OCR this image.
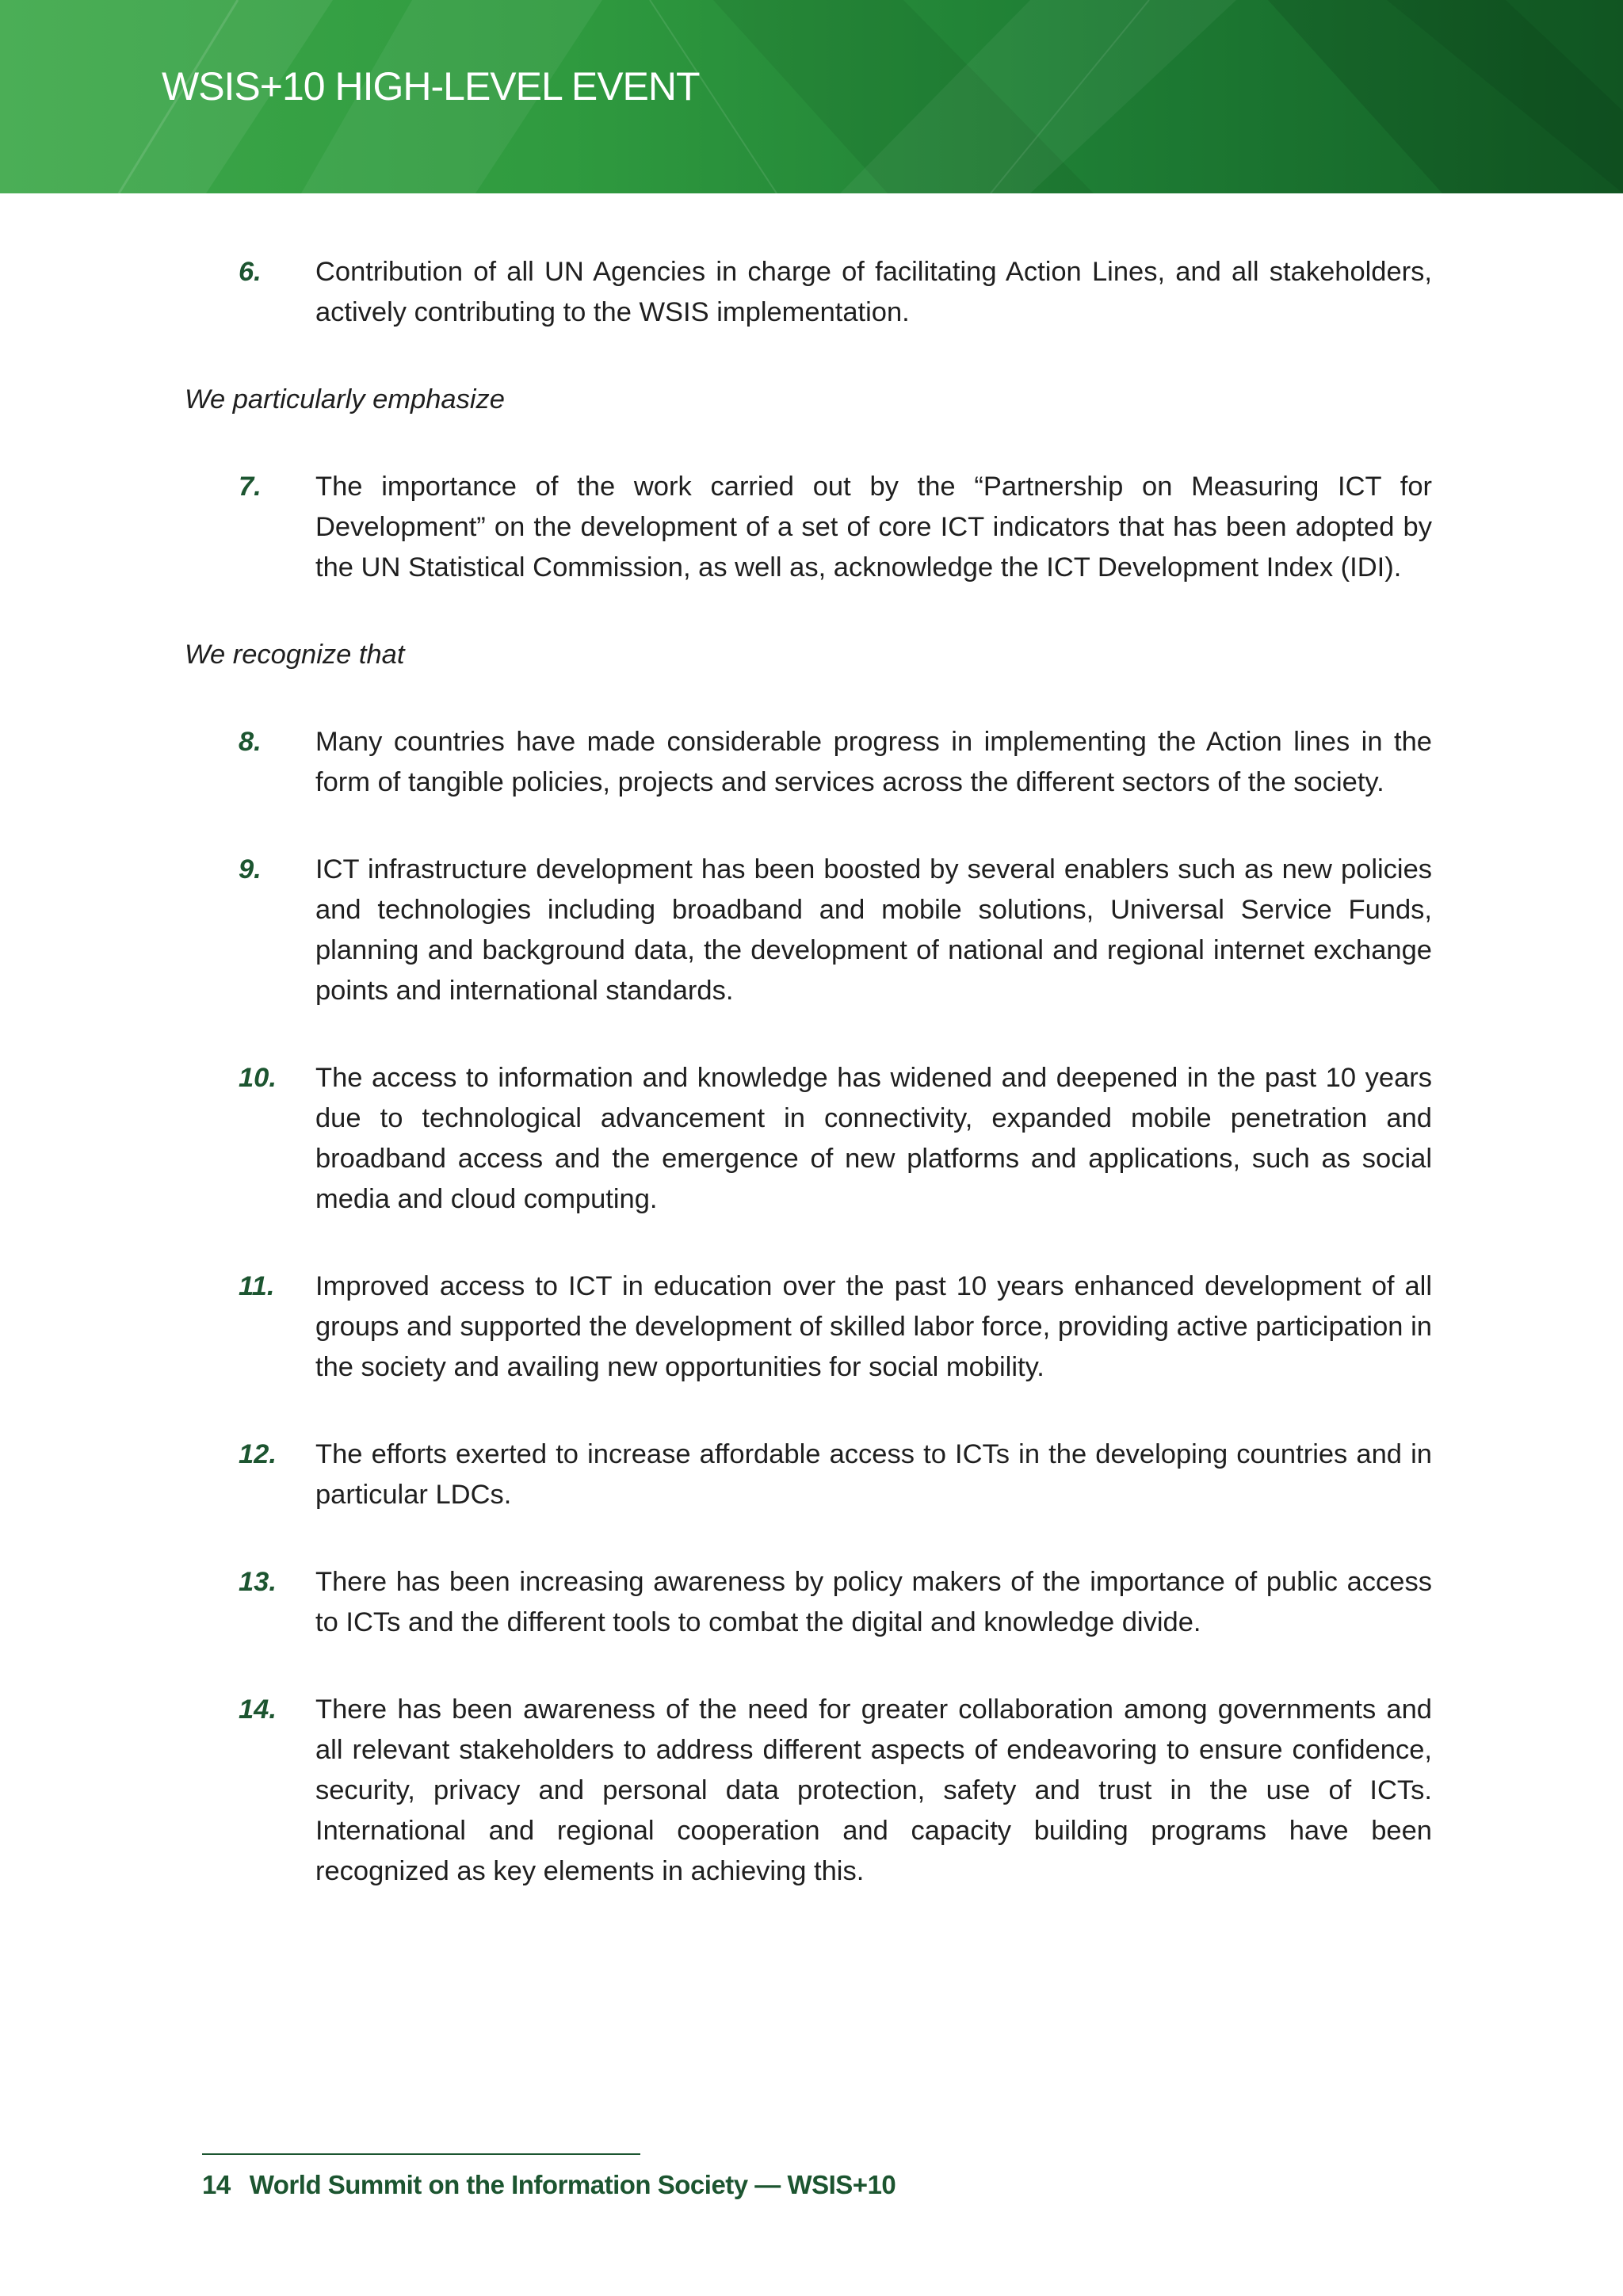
WSIS+10 HIGH-LEVEL EVENT
6. Contribution of all UN Agencies in charge of facilitating Action Lines, and all stakeholders, actively contributing to the WSIS implementation.
We particularly emphasize
7. The importance of the work carried out by the “Partnership on Measuring ICT for Development” on the development of a set of core ICT indicators that has been adopted by the UN Statistical Commission, as well as, acknowledge the ICT Development Index (IDI).
We recognize that
8. Many countries have made considerable progress in implementing the Action lines in the form of tangible policies, projects and services across the different sectors of the society.
9. ICT infrastructure development has been boosted by several enablers such as new policies and technologies including broadband and mobile solutions, Universal Service Funds, planning and background data, the development of national and regional internet exchange points and international standards.
10. The access to information and knowledge has widened and deepened in the past 10 years due to technological advancement in connectivity, expanded mobile penetration and broadband access and the emergence of new platforms and applications, such as social media and cloud computing.
11. Improved access to ICT in education over the past 10 years enhanced development of all groups and supported the development of skilled labor force, providing active participation in the society and availing new opportunities for social mobility.
12. The efforts exerted to increase affordable access to ICTs in the developing countries and in particular LDCs.
13. There has been increasing awareness by policy makers of the importance of public access to ICTs and the different tools to combat the digital and knowledge divide.
14. There has been awareness of the need for greater collaboration among governments and all relevant stakeholders to address different aspects of endeavoring to ensure confidence, security, privacy and personal data protection, safety and trust in the use of ICTs. International and regional cooperation and capacity building programs have been recognized as key elements in achieving this.
14 World Summit on the Information Society — WSIS+10
